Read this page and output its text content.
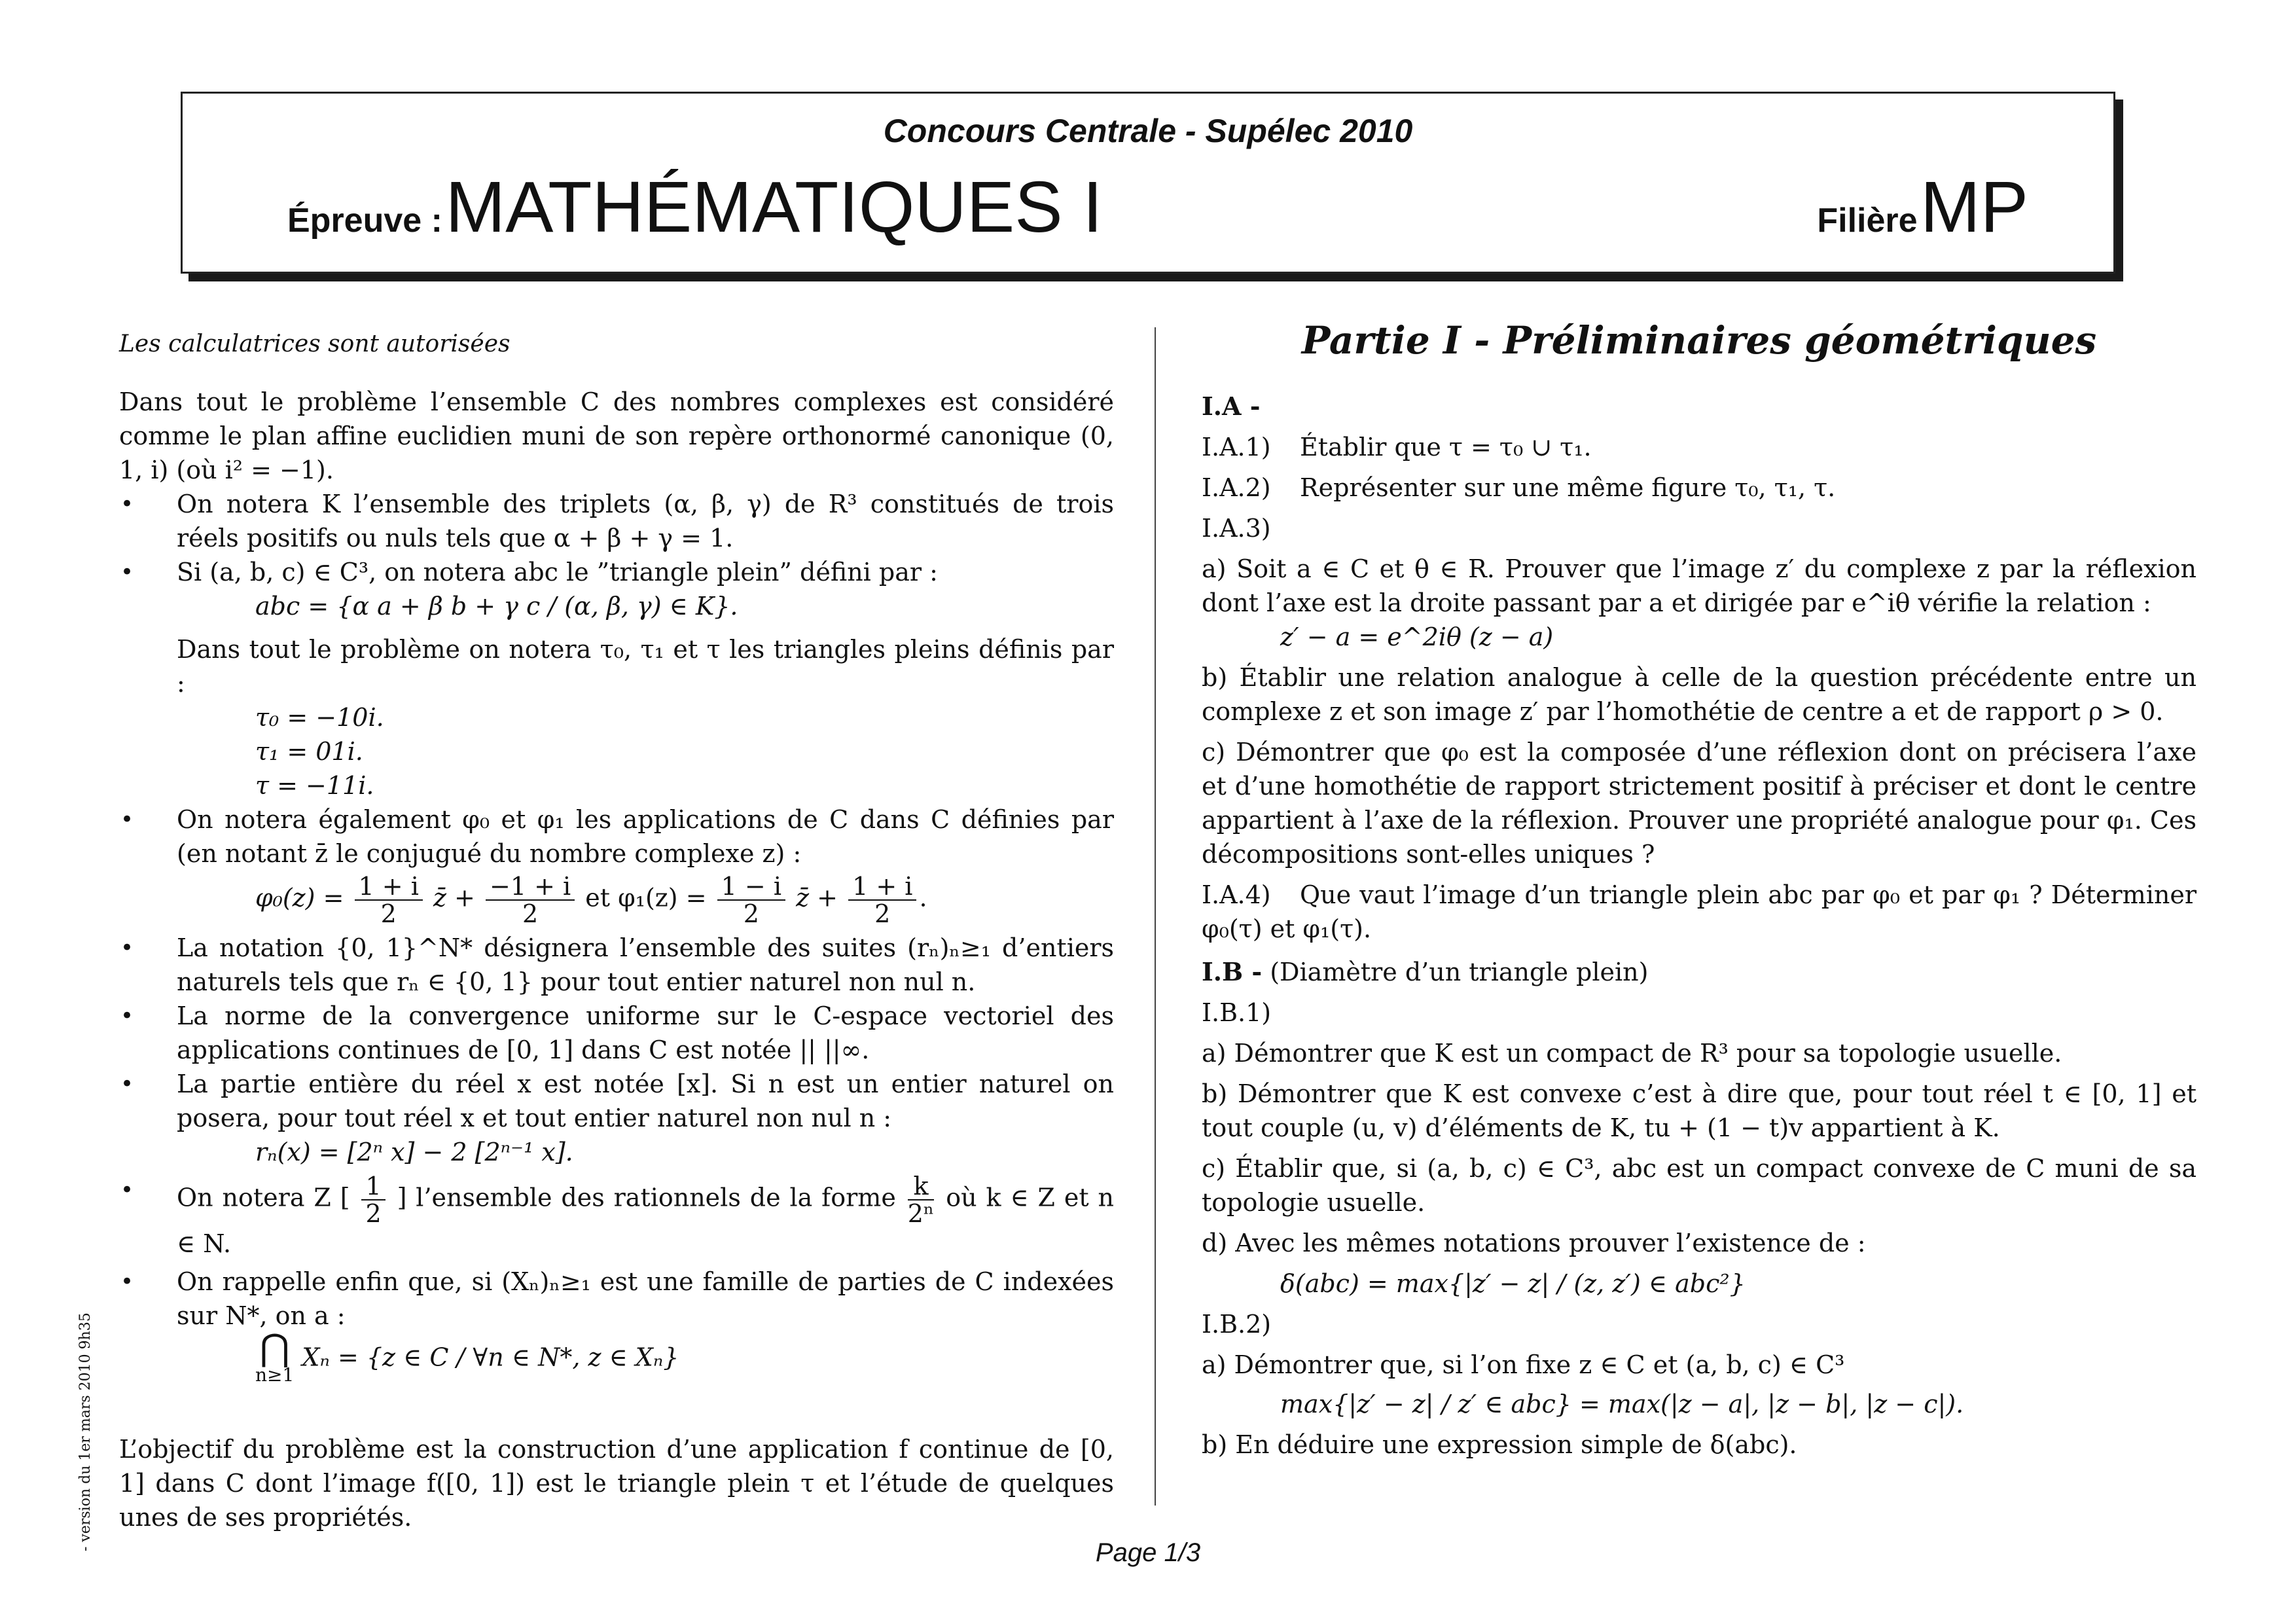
Concours Centrale - Supélec 2010
Épreuve : MATHÉMATIQUES I	Filière MP
- version du 1er mars 2010 9h35
Les calculatrices sont autorisées

Dans tout le problème l’ensemble C des nombres complexes est considéré comme le plan affine euclidien muni de son repère orthonormé canonique (0, 1, i) (où i² = −1).

• On notera K l’ensemble des triplets (α, β, γ) de R³ constitués de trois réels positifs ou nuls tels que α + β + γ = 1.
• Si (a, b, c) ∈ C³, on notera abc le ”triangle plein” défini par :
abc = {α a + β b + γ c / (α, β, γ) ∈ K}.
Dans tout le problème on notera τ₀, τ₁ et τ les triangles pleins définis par :
τ₀ = −10i.
τ₁ = 01i.
τ = −11i.
• On notera également φ₀ et φ₁ les applications de C dans C définies par (en notant z̄ le conjugué du nombre complexe z) :
$\varphi_0(z) = \frac{1 + i}{2}$ z̄ + $\frac{-1 + i}{2}$ et $\varphi_1(z) = \frac{1 - i}{2}$ z̄ + $\frac{1 + i}{2}$ .
• La notation {0, 1}^N* désignera l’ensemble des suites (rₙ)ₙ≥₁ d’entiers naturels tels que rₙ ∈ {0, 1} pour tout entier naturel non nul n.
• La norme de la convergence uniforme sur le C-espace vectoriel des applications continues de [0, 1] dans C est notée || ||∞.
• La partie entière du réel x est notée [x]. Si n est un entier naturel on posera, pour tout réel x et tout entier naturel non nul n :
rₙ(x) = [2ⁿ x] − 2 [2ⁿ⁻¹ x].
• On notera Z [ $\frac{1}{2}$ ] l’ensemble des rationnels de la forme $\frac{k}{\text{2ⁿ}}$ où k ∈ Z et n ∈ N.
• On rappelle enfin que, si (Xₙ)ₙ≥₁ est une famille de parties de C indexées sur N*, on a :
⋂
n≥1
Xₙ = {z ∈ C / ∀n ∈ N*, z ∈ Xₙ}

L’objectif du problème est la construction d’une application f continue de [0, 1] dans C dont l’image f([0, 1]) est le triangle plein τ et l’étude de quelques unes de ses propriétés.

Partie I - Préliminaires géométriques
I.A -
I.A.1) Établir que τ = τ₀ ∪ τ₁.
I.A.2) Représenter sur une même figure τ₀, τ₁, τ.
I.A.3)
a) Soit a ∈ C et θ ∈ R. Prouver que l’image z′ du complexe z par la réflexion dont l’axe est la droite passant par a et dirigée par e^iθ vérifie la relation :
z′ − a = e^2iθ (z − a)
b) Établir une relation analogue à celle de la question précédente entre un complexe z et son image z′ par l’homothétie de centre a et de rapport ρ > 0.
c) Démontrer que φ₀ est la composée d’une réflexion dont on précisera l’axe et d’une homothétie de rapport strictement positif à préciser et dont le centre appartient à l’axe de la réflexion. Prouver une propriété analogue pour φ₁. Ces décompositions sont-elles uniques ?
I.A.4) Que vaut l’image d’un triangle plein abc par φ₀ et par φ₁ ? Déterminer φ₀(τ) et φ₁(τ).
I.B - (Diamètre d’un triangle plein)
I.B.1)
a) Démontrer que K est un compact de R³ pour sa topologie usuelle.
b) Démontrer que K est convexe c’est à dire que, pour tout réel t ∈ [0, 1] et tout couple (u, v) d’éléments de K, tu + (1 − t)v appartient à K.
c) Établir que, si (a, b, c) ∈ C³, abc est un compact convexe de C muni de sa topologie usuelle.
d) Avec les mêmes notations prouver l’existence de :
δ(abc) = max{|z′ − z| / (z, z′) ∈ abc²}
I.B.2)
a) Démontrer que, si l’on fixe z ∈ C et (a, b, c) ∈ C³
max{|z′ − z| / z′ ∈ abc} = max(|z − a|, |z − b|, |z − c|).
b) En déduire une expression simple de δ(abc).
Page 1/3
